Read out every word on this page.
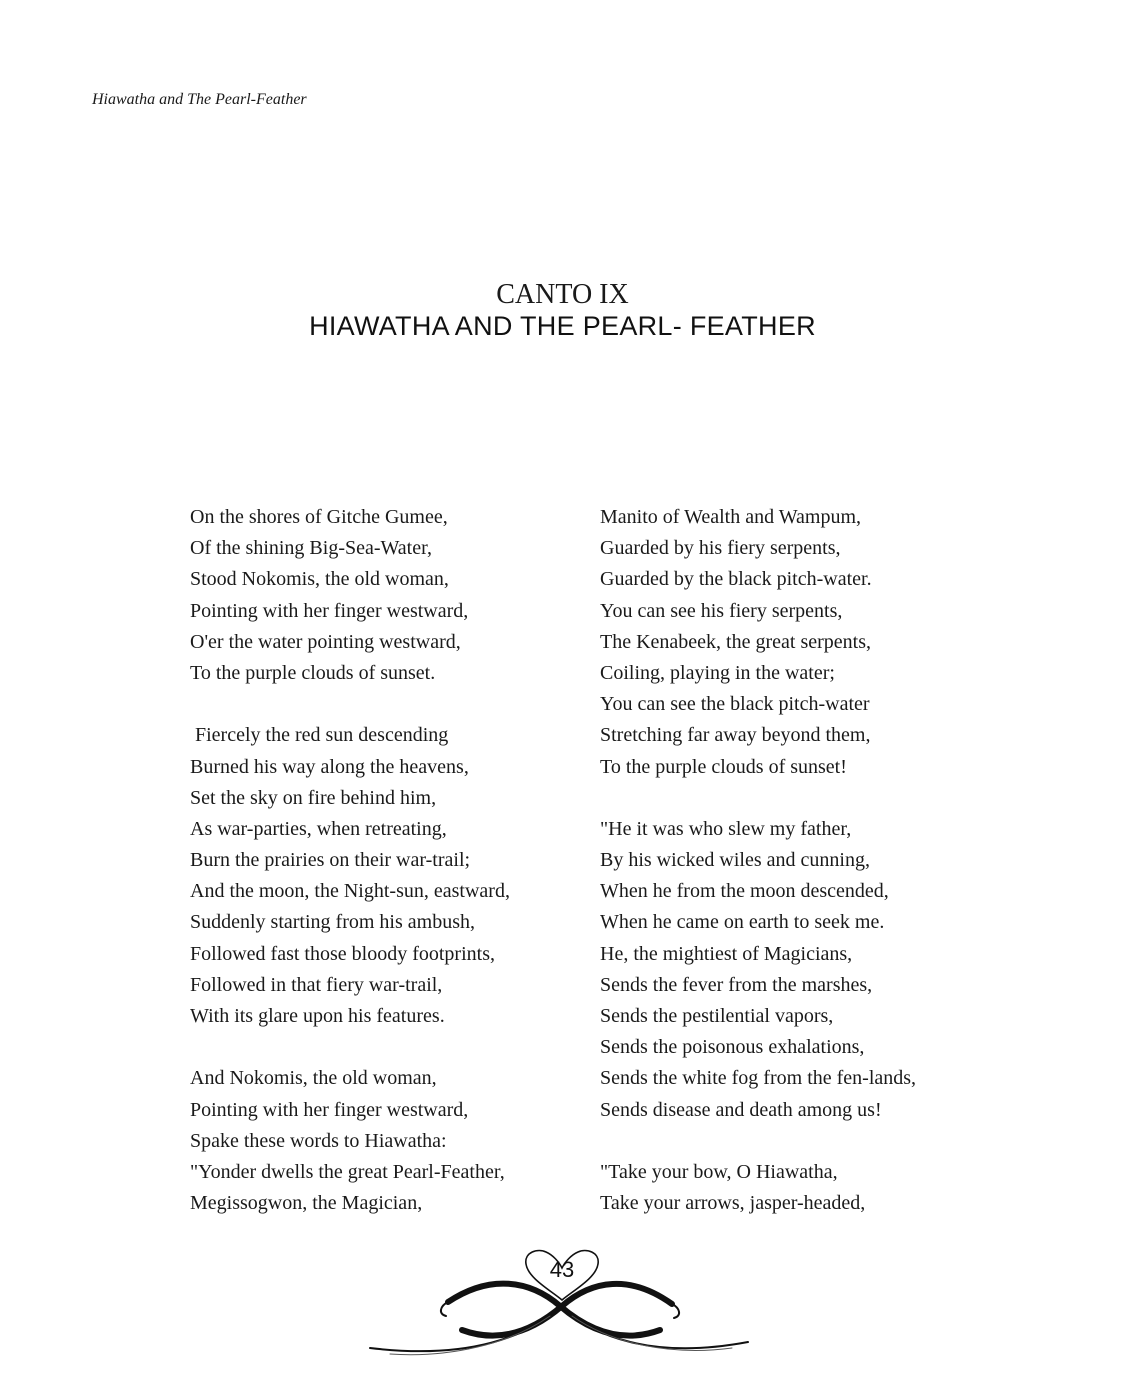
Hiawatha and The Pearl-Feather
CANTO IX
HIAWATHA AND THE PEARL- FEATHER
On the shores of Gitche Gumee,
Of the shining Big-Sea-Water,
Stood Nokomis, the old woman,
Pointing with her finger westward,
O'er the water pointing westward,
To the purple clouds of sunset.
Fiercely the red sun descending
Burned his way along the heavens,
Set the sky on fire behind him,
As war-parties, when retreating,
Burn the prairies on their war-trail;
And the moon, the Night-sun, eastward,
Suddenly starting from his ambush,
Followed fast those bloody footprints,
Followed in that fiery war-trail,
With its glare upon his features.
And Nokomis, the old woman,
Pointing with her finger westward,
Spake these words to Hiawatha:
"Yonder dwells the great Pearl-Feather,
Megissogwon, the Magician,
Manito of Wealth and Wampum,
Guarded by his fiery serpents,
Guarded by the black pitch-water.
You can see his fiery serpents,
The Kenabeek, the great serpents,
Coiling, playing in the water;
You can see the black pitch-water
Stretching far away beyond them,
To the purple clouds of sunset!
"He it was who slew my father,
By his wicked wiles and cunning,
When he from the moon descended,
When he came on earth to seek me.
He, the mightiest of Magicians,
Sends the fever from the marshes,
Sends the pestilential vapors,
Sends the poisonous exhalations,
Sends the white fog from the fen-lands,
Sends disease and death among us!
"Take your bow, O Hiawatha,
Take your arrows, jasper-headed,
43
